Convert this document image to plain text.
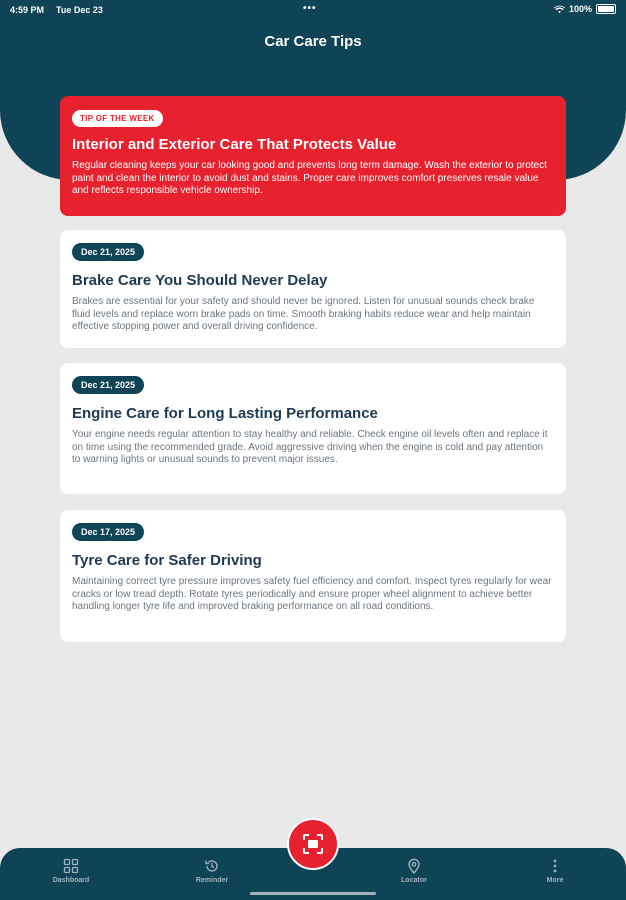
4:59 PM Tue Dec 23	•••	100%
Car Care Tips
TIP OF THE WEEK
Interior and Exterior Care That Protects Value
Regular cleaning keeps your car looking good and prevents long term damage. Wash the exterior to protect paint and clean the interior to avoid dust and stains. Proper care improves comfort preserves resale value and reflects responsible vehicle ownership.
Dec 21, 2025
Brake Care You Should Never Delay
Brakes are essential for your safety and should never be ignored. Listen for unusual sounds check brake fluid levels and replace worn brake pads on time. Smooth braking habits reduce wear and help maintain effective stopping power and overall driving confidence.
Dec 21, 2025
Engine Care for Long Lasting Performance
Your engine needs regular attention to stay healthy and reliable. Check engine oil levels often and replace it on time using the recommended grade. Avoid aggressive driving when the engine is cold and pay attention to warning lights or unusual sounds to prevent major issues.
Dec 17, 2025
Tyre Care for Safer Driving
Maintaining correct tyre pressure improves safety fuel efficiency and comfort. Inspect tyres regularly for wear cracks or low tread depth. Rotate tyres periodically and ensure proper wheel alignment to achieve better handling longer tyre life and improved braking performance on all road conditions.
Dashboard	Reminder	Locator	More
